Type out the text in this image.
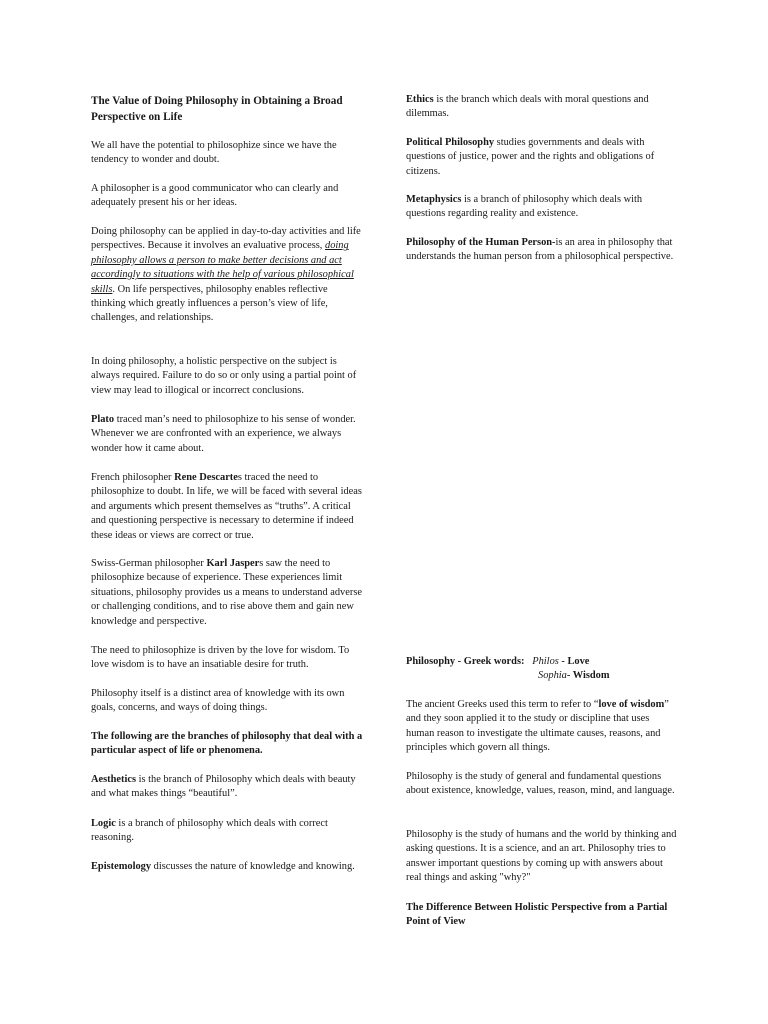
The Value of Doing Philosophy in Obtaining a Broad Perspective on Life

We all have the potential to philosophize since we have the tendency to wonder and doubt.

A philosopher is a good communicator who can clearly and adequately present his or her ideas.

Doing philosophy can be applied in day-to-day activities and life perspectives. Because it involves an evaluative process, doing philosophy allows a person to make better decisions and act accordingly to situations with the help of various philosophical skills. On life perspectives, philosophy enables reflective thinking which greatly influences a person’s view of life, challenges, and relationships.

In doing philosophy, a holistic perspective on the subject is always required. Failure to do so or only using a partial point of view may lead to illogical or incorrect conclusions.

Plato traced man’s need to philosophize to his sense of wonder. Whenever we are confronted with an experience, we always wonder how it came about.

French philosopher Rene Descartes traced the need to philosophize to doubt. In life, we will be faced with several ideas and arguments which present themselves as “truths”. A critical and questioning perspective is necessary to determine if indeed these ideas or views are correct or true.

Swiss-German philosopher Karl Jaspers saw the need to philosophize because of experience. These experiences limit situations, philosophy provides us a means to understand adverse or challenging conditions, and to rise above them and gain new knowledge and perspective.

The need to philosophize is driven by the love for wisdom. To love wisdom is to have an insatiable desire for truth.

Philosophy itself is a distinct area of knowledge with its own goals, concerns, and ways of doing things.

The following are the branches of philosophy that deal with a particular aspect of life or phenomena.

Aesthetics is the branch of Philosophy which deals with beauty and what makes things “beautiful”.

Logic is a branch of philosophy which deals with correct reasoning.

Epistemology discusses the nature of knowledge and knowing.

Ethics is the branch which deals with moral questions and dilemmas.

Political Philosophy studies governments and deals with questions of justice, power and the rights and obligations of citizens.

Metaphysics is a branch of philosophy which deals with questions regarding reality and existence.

Philosophy of the Human Person-is an area in philosophy that understands the human person from a philosophical perspective.

Philosophy - Greek words: Philos - Love
Sophia- Wisdom

The ancient Greeks used this term to refer to “love of wisdom” and they soon applied it to the study or discipline that uses human reason to investigate the ultimate causes, reasons, and principles which govern all things.

Philosophy is the study of general and fundamental questions about existence, knowledge, values, reason, mind, and language.

Philosophy is the study of humans and the world by thinking and asking questions. It is a science, and an art. Philosophy tries to answer important questions by coming up with answers about real things and asking "why?"

The Difference Between Holistic Perspective from a Partial Point of View
